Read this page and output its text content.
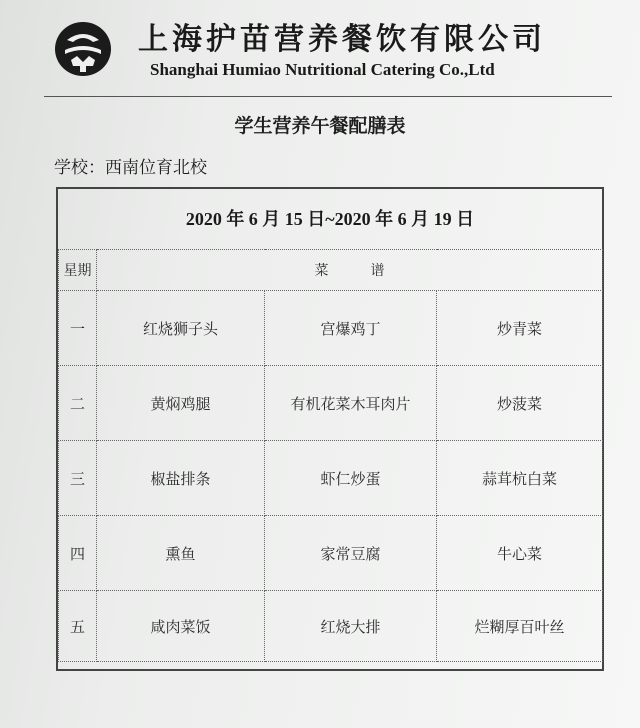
上海护苗营养餐饮有限公司
Shanghai Humiao Nutritional Catering Co.,Ltd
学生营养午餐配膳表
学校：西南位育北校
2020 年 6 月 15 日~2020 年 6 月 19 日
星期	菜　　　谱		
一	红烧狮子头	宫爆鸡丁	炒青菜
二	黄焖鸡腿	有机花菜木耳肉片	炒菠菜
三	椒盐排条	虾仁炒蛋	蒜茸杭白菜
四	熏鱼	家常豆腐	牛心菜
五	咸肉菜饭	红烧大排	烂糊厚百叶丝
